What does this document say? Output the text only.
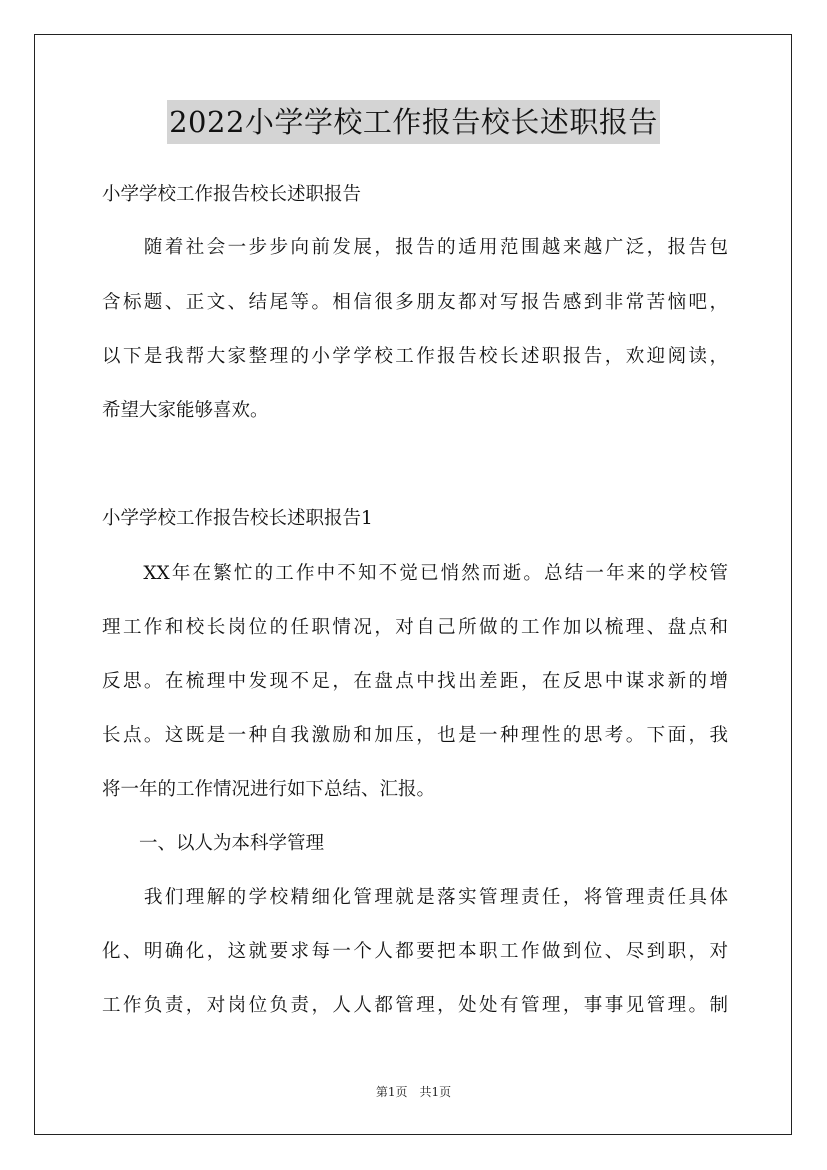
2022小学学校工作报告校长述职报告

小学学校工作报告校长述职报告

　　随着社会一步步向前发展，报告的适用范围越来越广泛，报告包

含标题、正文、结尾等。相信很多朋友都对写报告感到非常苦恼吧，

以下是我帮大家整理的小学学校工作报告校长述职报告，欢迎阅读，

希望大家能够喜欢。

小学学校工作报告校长述职报告1

　　XX年在繁忙的工作中不知不觉已悄然而逝。总结一年来的学校管

理工作和校长岗位的任职情况，对自己所做的工作加以梳理、盘点和

反思。在梳理中发现不足，在盘点中找出差距，在反思中谋求新的增

长点。这既是一种自我激励和加压，也是一种理性的思考。下面，我

将一年的工作情况进行如下总结、汇报。

　　一、以人为本科学管理

　　我们理解的学校精细化管理就是落实管理责任，将管理责任具体

化、明确化，这就要求每一个人都要把本职工作做到位、尽到职，对

工作负责，对岗位负责，人人都管理，处处有管理，事事见管理。制

第1页　共1页
